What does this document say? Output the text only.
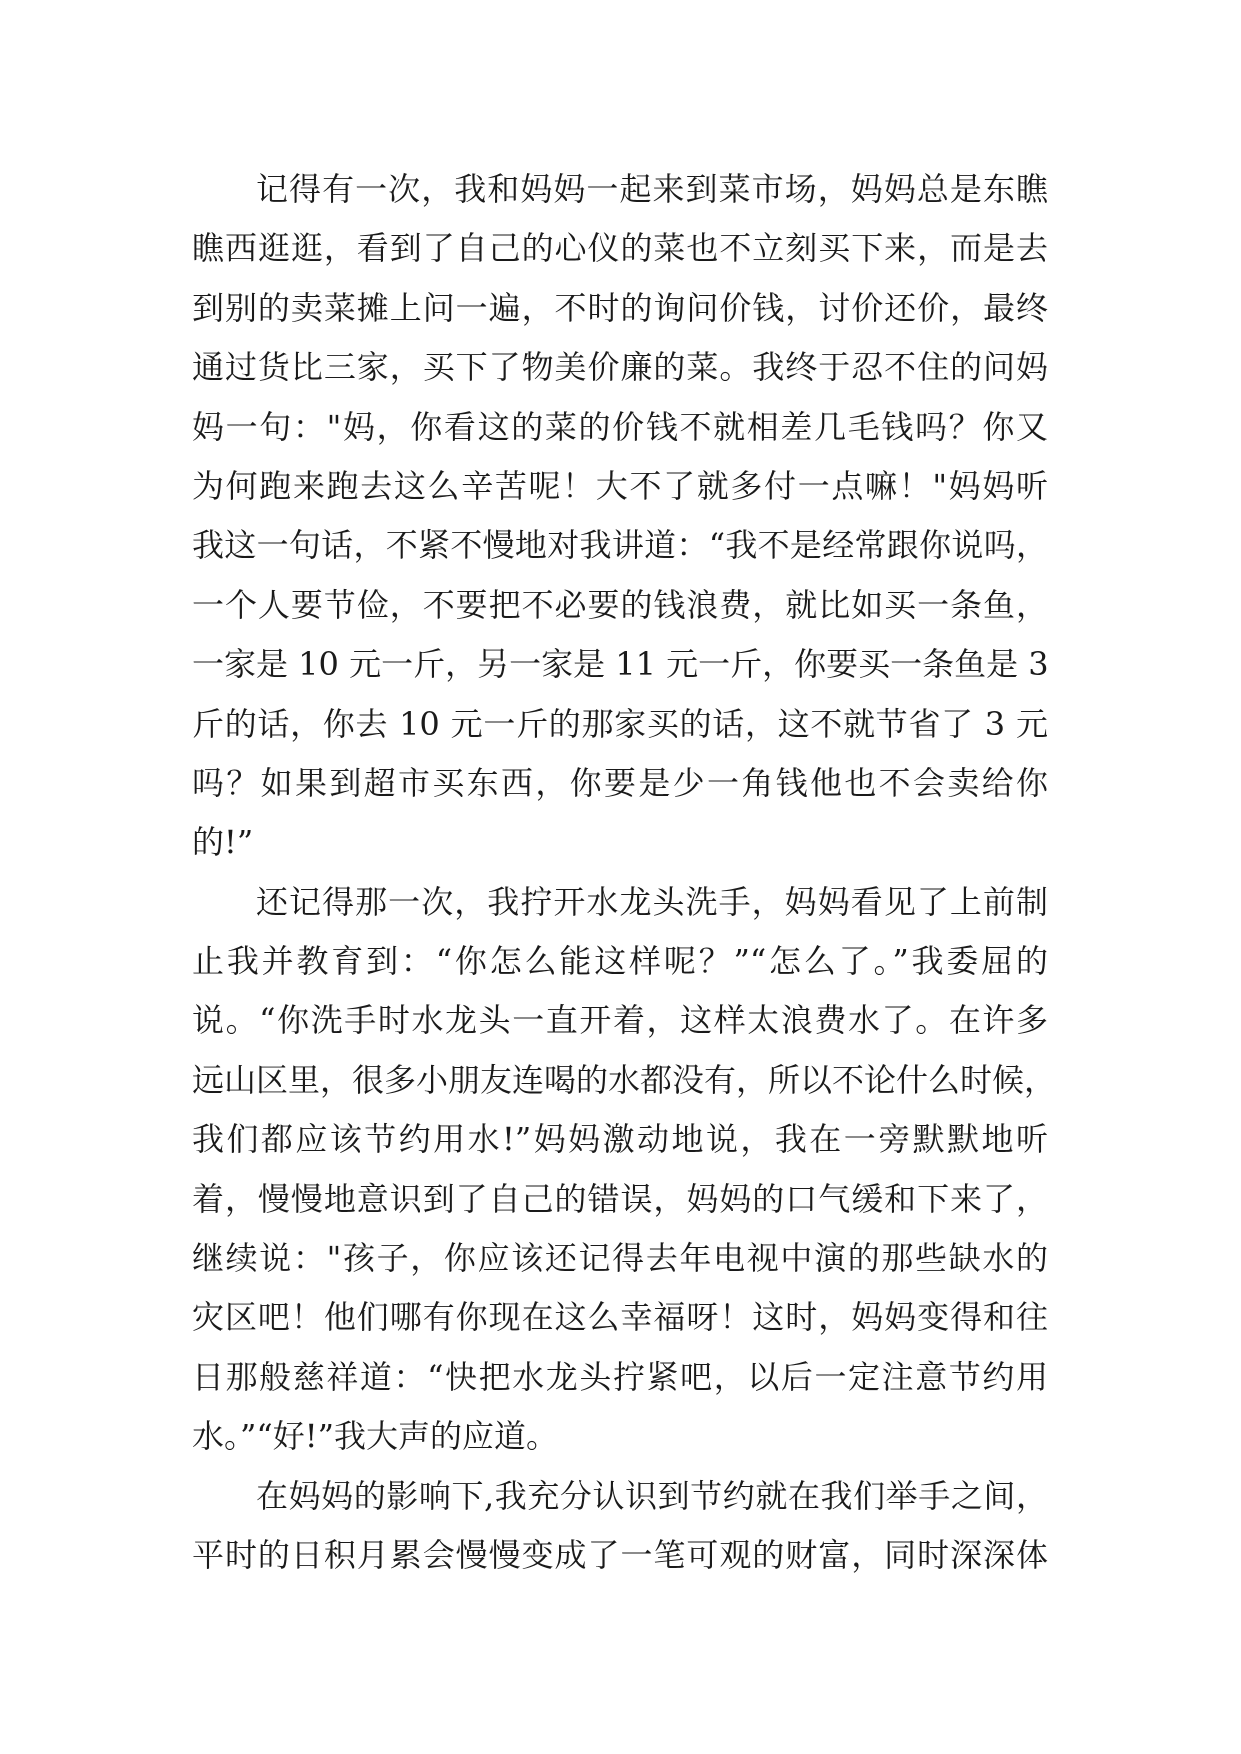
记得有一次，我和妈妈一起来到菜市场，妈妈总是东瞧
瞧西逛逛，看到了自己的心仪的菜也不立刻买下来，而是去
到别的卖菜摊上问一遍，不时的询问价钱，讨价还价，最终
通过货比三家，买下了物美价廉的菜。我终于忍不住的问妈
妈一句："妈，你看这的菜的价钱不就相差几毛钱吗？你又
为何跑来跑去这么辛苦呢！大不了就多付一点嘛！"妈妈听
我这一句话，不紧不慢地对我讲道：“我不是经常跟你说吗，
一个人要节俭，不要把不必要的钱浪费，就比如买一条鱼，
一家是 10 元一斤，另一家是 11 元一斤，你要买一条鱼是 3
斤的话，你去 10 元一斤的那家买的话，这不就节省了 3 元
吗？如果到超市买东西，你要是少一角钱他也不会卖给你
的!”
还记得那一次，我拧开水龙头洗手，妈妈看见了上前制
止我并教育到：“你怎么能这样呢？”“怎么了。”我委屈的
说。“你洗手时水龙头一直开着，这样太浪费水了。在许多
远山区里，很多小朋友连喝的水都没有，所以不论什么时候，
我们都应该节约用水!”妈妈激动地说，我在一旁默默地听
着，慢慢地意识到了自己的错误，妈妈的口气缓和下来了，
继续说："孩子，你应该还记得去年电视中演的那些缺水的
灾区吧！他们哪有你现在这么幸福呀！这时，妈妈变得和往
日那般慈祥道：“快把水龙头拧紧吧，以后一定注意节约用
水。”“好!”我大声的应道。
在妈妈的影响下,我充分认识到节约就在我们举手之间，
平时的日积月累会慢慢变成了一笔可观的财富，同时深深体
